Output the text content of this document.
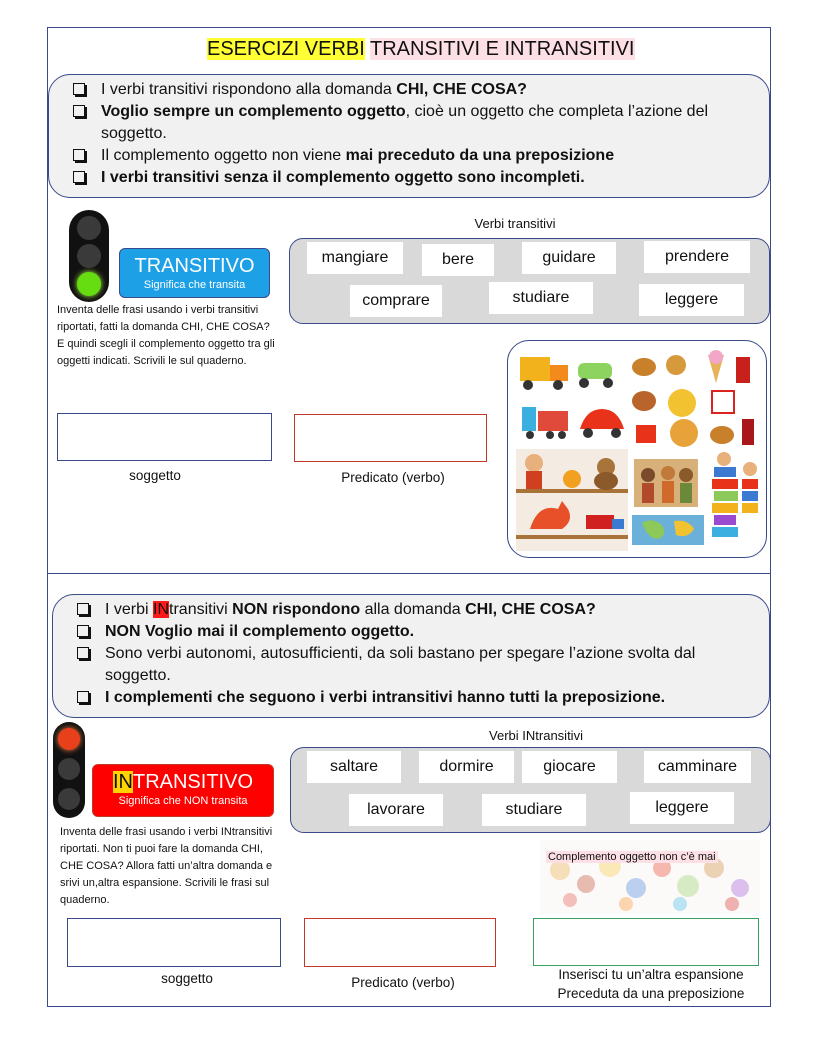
ESERCIZI VERBI TRANSITIVI E INTRANSITIVI
I verbi transitivi rispondono alla domanda CHI, CHE COSA?
Voglio sempre un complemento oggetto, cioè un oggetto che completa l’azione del soggetto.
Il complemento oggetto non viene mai preceduto da una preposizione
I verbi transitivi senza il complemento oggetto sono incompleti.
TRANSITIVO
Significa che transita
Inventa delle frasi usando i verbi transitivi riportati, fatti la domanda CHI, CHE COSA? E quindi scegli il complemento oggetto tra gli oggetti indicati. Scrivili le sul quaderno.
Verbi transitivi
mangiare	bere	guidare	prendere
comprare	studiare	leggere
soggetto	Predicato (verbo)
I verbi INtransitivi NON rispondono alla domanda CHI, CHE COSA?
NON Voglio mai il complemento oggetto.
Sono verbi autonomi, autosufficienti, da soli bastano per spegare l’azione svolta dal soggetto.
I complementi che seguono i verbi intransitivi hanno tutti la preposizione.
INTRANSITIVO
Significa che NON transita
Inventa delle frasi usando i verbi INtransitivi riportati. Non ti puoi fare la domanda CHI, CHE COSA? Allora fatti un’altra domanda e srivi un,altra espansione. Scrivili le frasi sul quaderno.
Verbi INtransitivi
saltare	dormire	giocare	camminare
lavorare	studiare	leggere
Complemento oggetto non c’è mai
soggetto	Predicato (verbo)
Inserisci tu un’altra espansione
Preceduta da una preposizione
